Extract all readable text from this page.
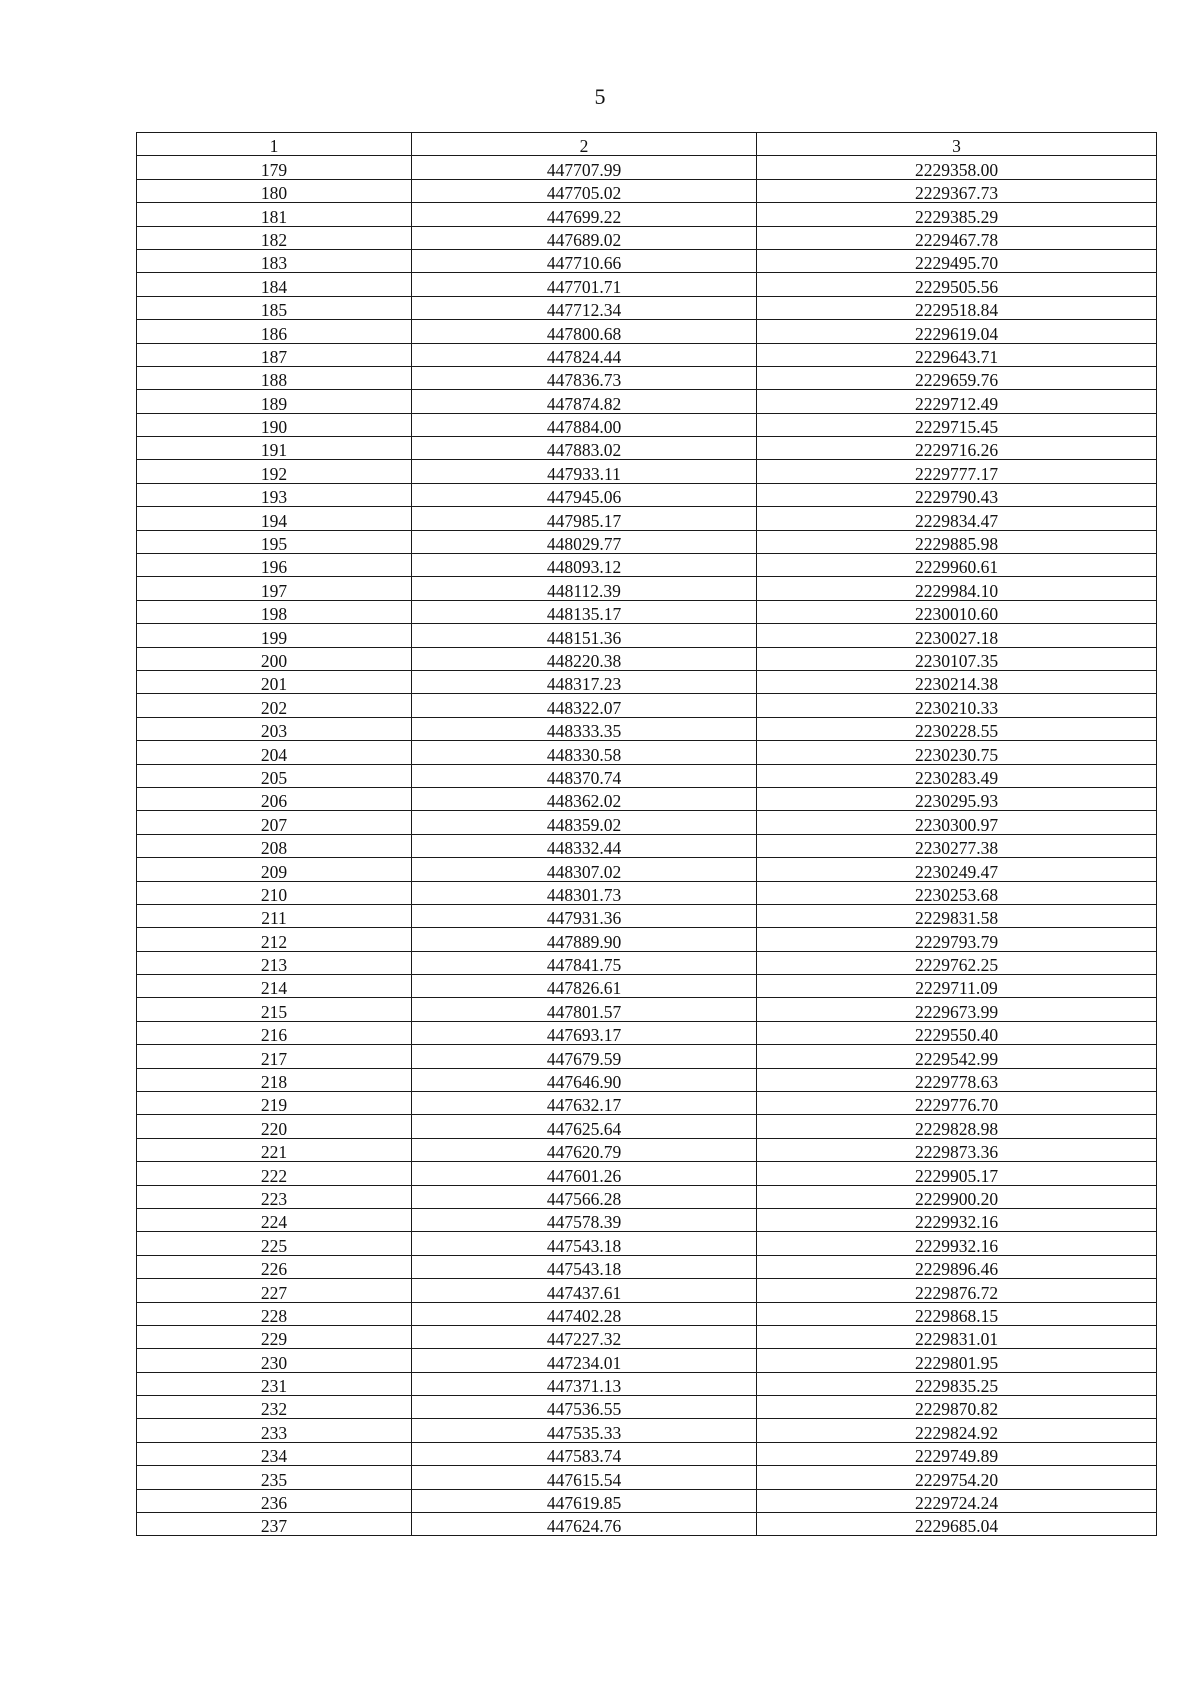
5
1	2	3
179	447707.99	2229358.00
180	447705.02	2229367.73
181	447699.22	2229385.29
182	447689.02	2229467.78
183	447710.66	2229495.70
184	447701.71	2229505.56
185	447712.34	2229518.84
186	447800.68	2229619.04
187	447824.44	2229643.71
188	447836.73	2229659.76
189	447874.82	2229712.49
190	447884.00	2229715.45
191	447883.02	2229716.26
192	447933.11	2229777.17
193	447945.06	2229790.43
194	447985.17	2229834.47
195	448029.77	2229885.98
196	448093.12	2229960.61
197	448112.39	2229984.10
198	448135.17	2230010.60
199	448151.36	2230027.18
200	448220.38	2230107.35
201	448317.23	2230214.38
202	448322.07	2230210.33
203	448333.35	2230228.55
204	448330.58	2230230.75
205	448370.74	2230283.49
206	448362.02	2230295.93
207	448359.02	2230300.97
208	448332.44	2230277.38
209	448307.02	2230249.47
210	448301.73	2230253.68
211	447931.36	2229831.58
212	447889.90	2229793.79
213	447841.75	2229762.25
214	447826.61	2229711.09
215	447801.57	2229673.99
216	447693.17	2229550.40
217	447679.59	2229542.99
218	447646.90	2229778.63
219	447632.17	2229776.70
220	447625.64	2229828.98
221	447620.79	2229873.36
222	447601.26	2229905.17
223	447566.28	2229900.20
224	447578.39	2229932.16
225	447543.18	2229932.16
226	447543.18	2229896.46
227	447437.61	2229876.72
228	447402.28	2229868.15
229	447227.32	2229831.01
230	447234.01	2229801.95
231	447371.13	2229835.25
232	447536.55	2229870.82
233	447535.33	2229824.92
234	447583.74	2229749.89
235	447615.54	2229754.20
236	447619.85	2229724.24
237	447624.76	2229685.04
